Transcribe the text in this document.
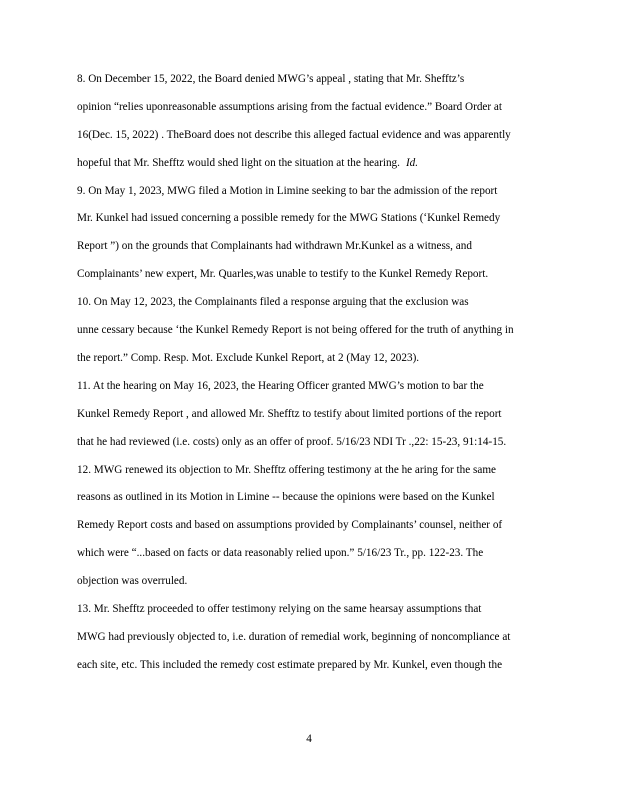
8. On December 15, 2022, the Board denied MWG’s appeal , stating that Mr. Shefftz’s
opinion “relies uponreasonable assumptions arising from the factual evidence.” Board Order at
16(Dec. 15, 2022) . TheBoard does not describe this alleged factual evidence and was apparently
hopeful that Mr. Shefftz would shed light on the situation at the hearing. Id.
9. On May 1, 2023, MWG filed a Motion in Limine seeking to bar the admission of the report
Mr. Kunkel had issued concerning a possible remedy for the MWG Stations (‘Kunkel Remedy
Report ”) on the grounds that Complainants had withdrawn Mr.Kunkel as a witness, and
Complainants’ new expert, Mr. Quarles,was unable to testify to the Kunkel Remedy Report.
10. On May 12, 2023, the Complainants filed a response arguing that the exclusion was
unne cessary because ‘the Kunkel Remedy Report is not being offered for the truth of anything in
the report.” Comp. Resp. Mot. Exclude Kunkel Report, at 2 (May 12, 2023).
11. At the hearing on May 16, 2023, the Hearing Officer granted MWG’s motion to bar the
Kunkel Remedy Report , and allowed Mr. Shefftz to testify about limited portions of the report
that he had reviewed (i.e. costs) only as an offer of proof. 5/16/23 NDI Tr .,22: 15-23, 91:14-15.
12. MWG renewed its objection to Mr. Shefftz offering testimony at the he aring for the same
reasons as outlined in its Motion in Limine -- because the opinions were based on the Kunkel
Remedy Report costs and based on assumptions provided by Complainants’ counsel, neither of
which were “...based on facts or data reasonably relied upon.” 5/16/23 Tr., pp. 122-23. The
objection was overruled.
13. Mr. Shefftz proceeded to offer testimony relying on the same hearsay assumptions that
MWG had previously objected to, i.e. duration of remedial work, beginning of noncompliance at
each site, etc. This included the remedy cost estimate prepared by Mr. Kunkel, even though the
4
